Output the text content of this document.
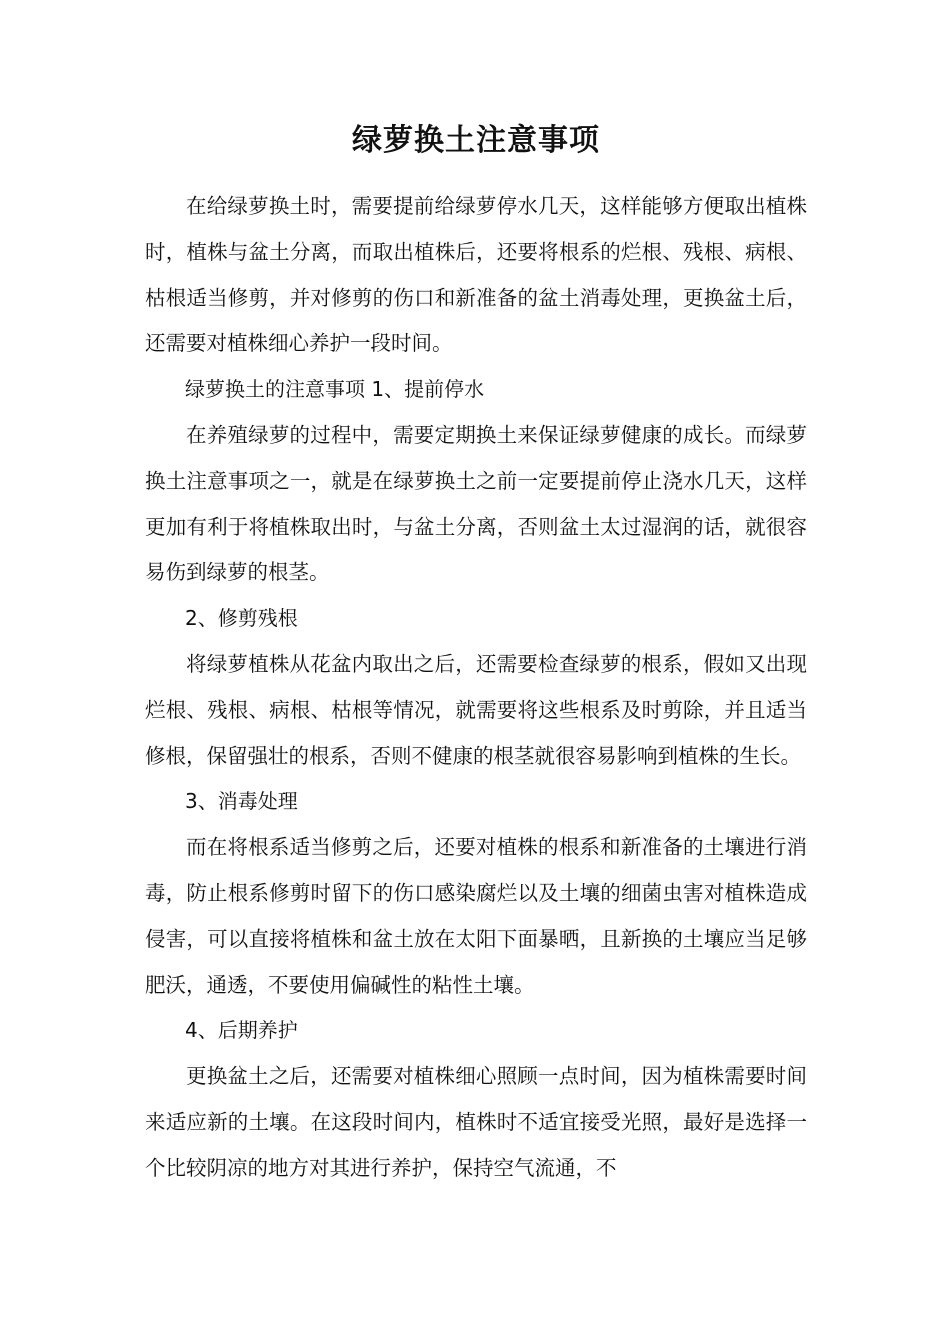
绿萝换土注意事项

在给绿萝换土时，需要提前给绿萝停水几天，这样能够方便取出植株时，植株与盆土分离，而取出植株后，还要将根系的烂根、残根、病根、枯根适当修剪，并对修剪的伤口和新准备的盆土消毒处理，更换盆土后，还需要对植株细心养护一段时间。

绿萝换土的注意事项 1、提前停水

在养殖绿萝的过程中，需要定期换土来保证绿萝健康的成长。而绿萝换土注意事项之一，就是在绿萝换土之前一定要提前停止浇水几天，这样更加有利于将植株取出时，与盆土分离，否则盆土太过湿润的话，就很容易伤到绿萝的根茎。

2、修剪残根

将绿萝植株从花盆内取出之后，还需要检查绿萝的根系，假如又出现烂根、残根、病根、枯根等情况，就需要将这些根系及时剪除，并且适当修根，保留强壮的根系，否则不健康的根茎就很容易影响到植株的生长。

3、消毒处理

而在将根系适当修剪之后，还要对植株的根系和新准备的土壤进行消毒，防止根系修剪时留下的伤口感染腐烂以及土壤的细菌虫害对植株造成侵害，可以直接将植株和盆土放在太阳下面暴晒，且新换的土壤应当足够肥沃，通透，不要使用偏碱性的粘性土壤。

4、后期养护

更换盆土之后，还需要对植株细心照顾一点时间，因为植株需要时间来适应新的土壤。在这段时间内，植株时不适宜接受光照，最好是选择一个比较阴凉的地方对其进行养护，保持空气流通，不
